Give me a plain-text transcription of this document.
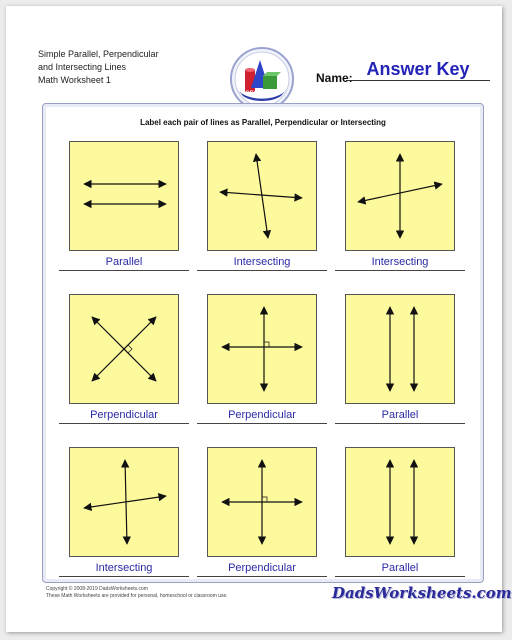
Simple Parallel, Perpendicular
and Intersecting Lines
Math Worksheet 1
GEOMETRY
Name: Answer Key
Label each pair of lines as Parallel, Perpendicular or Intersecting
Parallel	Intersecting	Intersecting
Perpendicular	Perpendicular	Parallel
Intersecting	Perpendicular	Parallel
Copyright © 2008-2019 DadsWorksheets.com
These Math Worksheets are provided for personal, homeschool or classroom use.	DadsWorksheets.com
